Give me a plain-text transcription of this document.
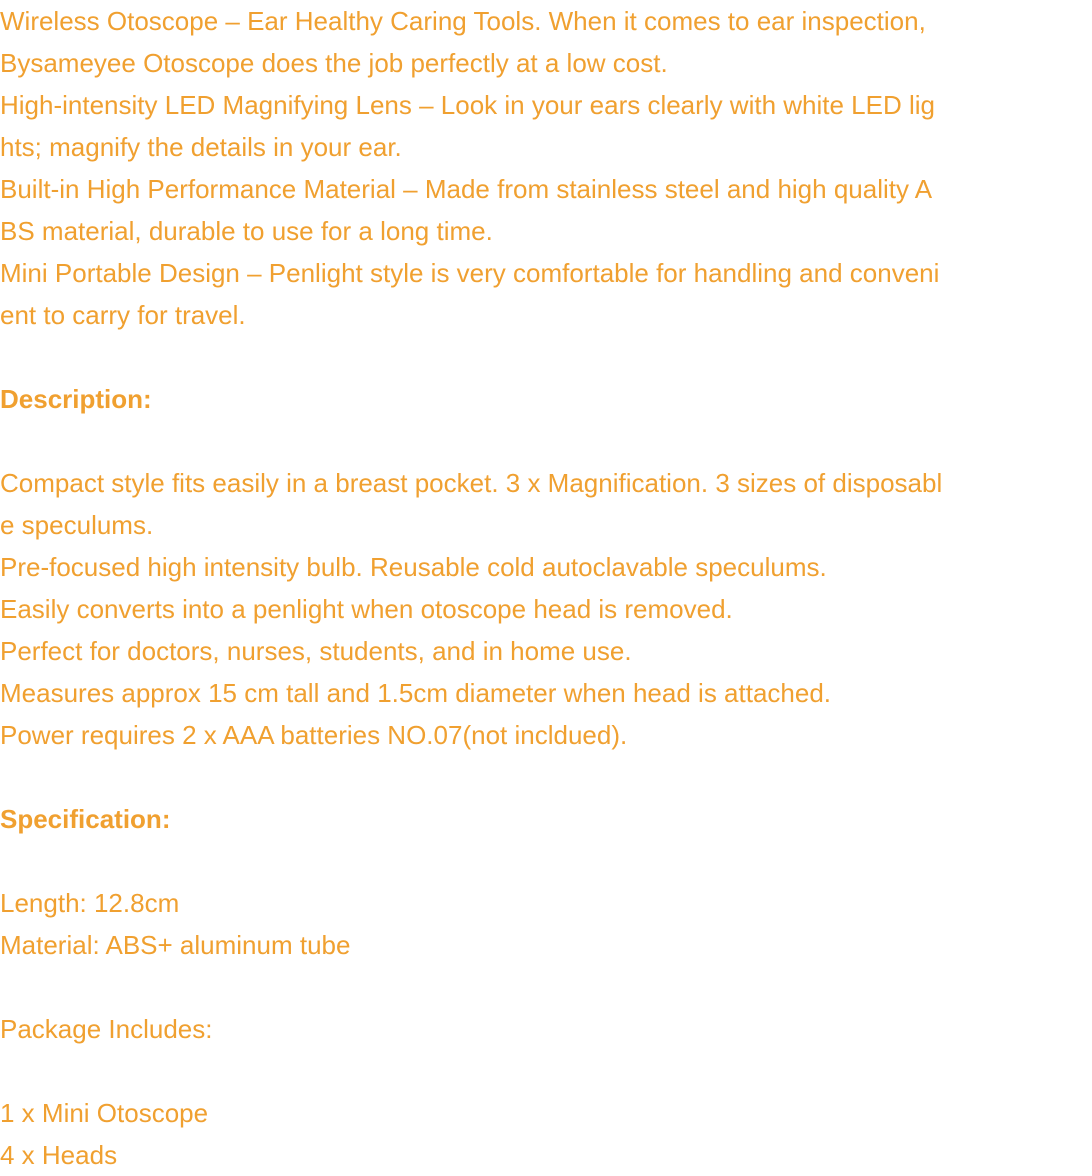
Wireless Otoscope – Ear Healthy Caring Tools. When it comes to ear inspection,
Bysameyee Otoscope does the job perfectly at a low cost.
High-intensity LED Magnifying Lens – Look in your ears clearly with white LED lig
hts; magnify the details in your ear.
Built-in High Performance Material – Made from stainless steel and high quality A
BS material, durable to use for a long time.
Mini Portable Design – Penlight style is very comfortable for handling and conveni
ent to carry for travel.
Description:
Compact style fits easily in a breast pocket. 3 x Magnification. 3 sizes of disposabl
e speculums.
Pre-focused high intensity bulb. Reusable cold autoclavable speculums.
Easily converts into a penlight when otoscope head is removed.
Perfect for doctors, nurses, students, and in home use.
Measures approx 15 cm tall and 1.5cm diameter when head is attached.
Power requires 2 x AAA batteries NO.07(not incldued).
Specification:
Length: 12.8cm
Material: ABS+ aluminum tube
Package Includes:
1 x Mini Otoscope
4 x Heads
